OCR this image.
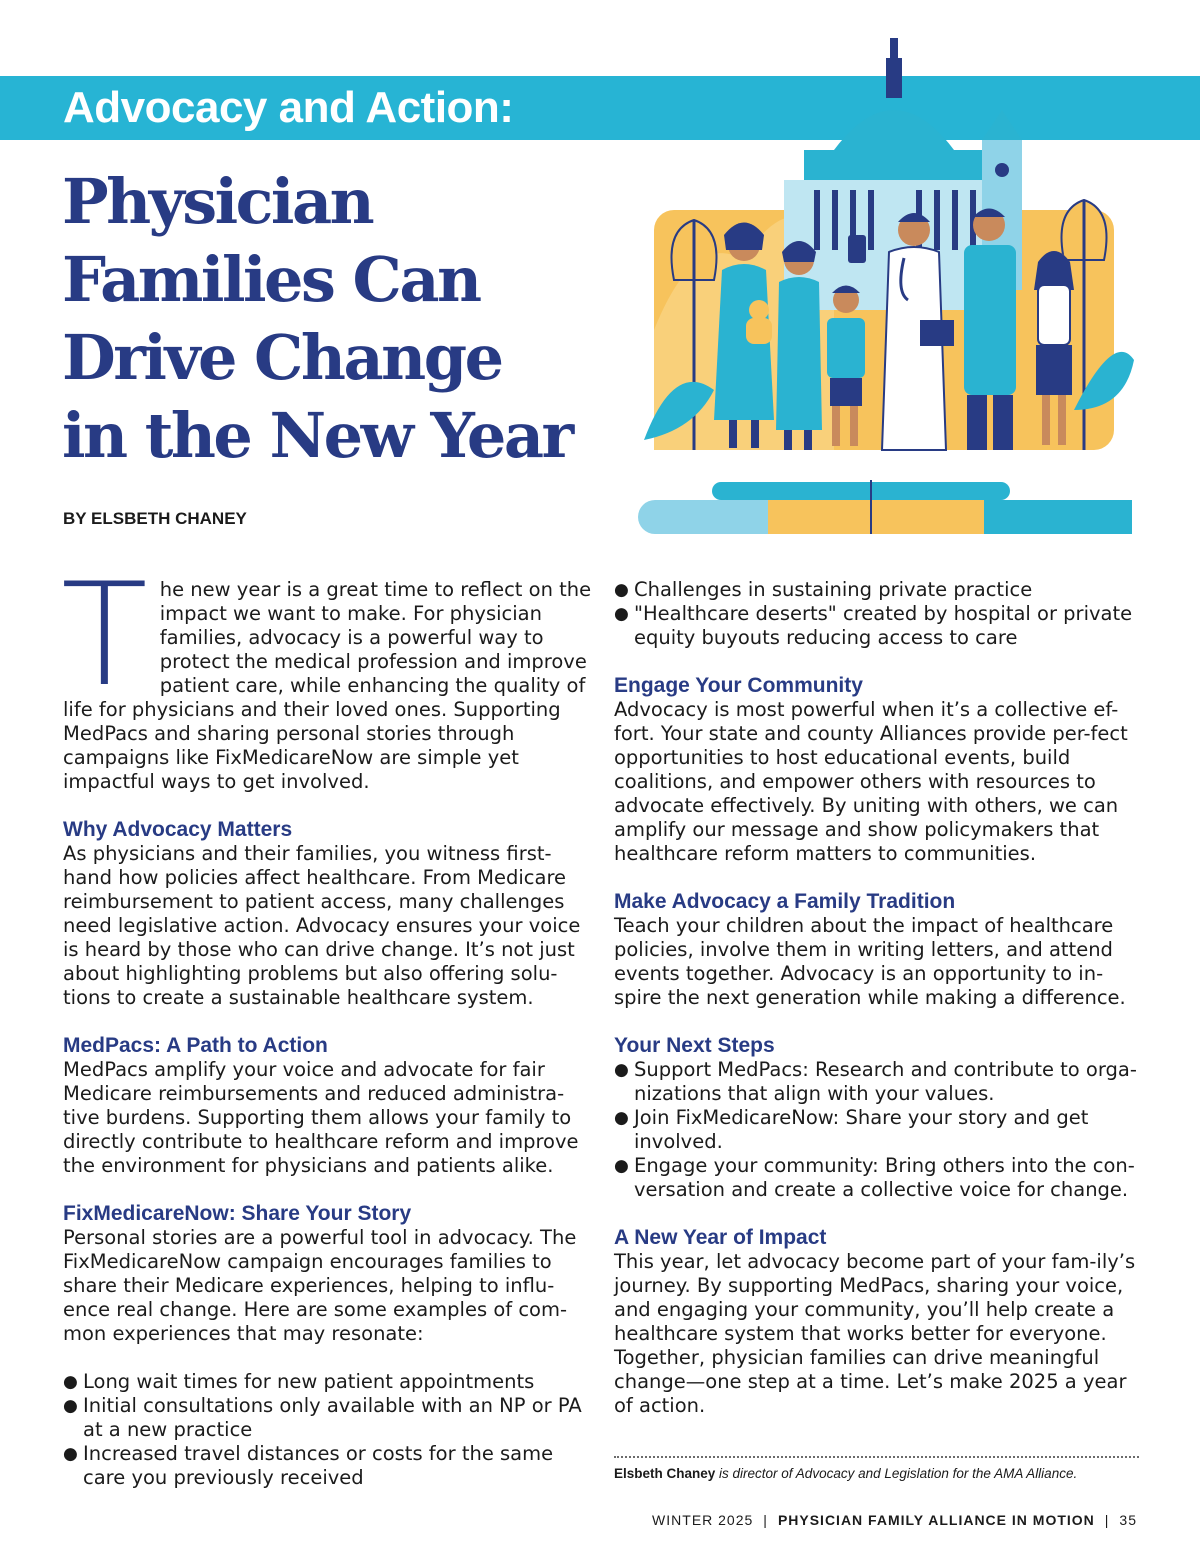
Advocacy and Action:
Physician
Families Can
Drive Change
in the New Year
BY ELSBETH CHANEY

The new year is a great time to reflect on the impact we want to make. For physician families, advocacy is a powerful way to protect the medical profession and improve patient care, while enhancing the quality of life for physicians and their loved ones. Supporting MedPacs and sharing personal stories through campaigns like FixMedicareNow are simple yet impactful ways to get involved.

Why Advocacy Matters

As physicians and their families, you witness first-hand how policies affect healthcare. From Medicare reimbursement to patient access, many challenges need legislative action. Advocacy ensures your voice is heard by those who can drive change. It’s not just about highlighting problems but also offering solu-tions to create a sustainable healthcare system.

MedPacs: A Path to Action

MedPacs amplify your voice and advocate for fair Medicare reimbursements and reduced administra-tive burdens. Supporting them allows your family to directly contribute to healthcare reform and improve the environment for physicians and patients alike.

FixMedicareNow: Share Your Story

Personal stories are a powerful tool in advocacy. The FixMedicareNow campaign encourages families to share their Medicare experiences, helping to influ-ence real change. Here are some examples of com-mon experiences that may resonate:

● Long wait times for new patient appointments
● Initial consultations only available with an NP or PA at a new practice
● Increased travel distances or costs for the same care you previously received
● Challenges in sustaining private practice
● "Healthcare deserts" created by hospital or private equity buyouts reducing access to care
Engage Your Community

Advocacy is most powerful when it’s a collective ef-fort. Your state and county Alliances provide per-fect opportunities to host educational events, build coalitions, and empower others with resources to advocate effectively. By uniting with others, we can amplify our message and show policymakers that healthcare reform matters to communities.

Make Advocacy a Family Tradition

Teach your children about the impact of healthcare policies, involve them in writing letters, and attend events together. Advocacy is an opportunity to in-spire the next generation while making a difference.

Your Next Steps
● Support MedPacs: Research and contribute to orga-nizations that align with your values.
● Join FixMedicareNow: Share your story and get involved.
● Engage your community: Bring others into the con-versation and create a collective voice for change.
A New Year of Impact

This year, let advocacy become part of your fam-ily’s journey. By supporting MedPacs, sharing your voice, and engaging your community, you’ll help create a healthcare system that works better for everyone. Together, physician families can drive meaningful change—one step at a time. Let’s make 2025 a year of action.

Elsbeth Chaney is director of Advocacy and Legislation for the AMA Alliance.
WINTER 2025 | PHYSICIAN FAMILY ALLIANCE IN MOTION | 35
